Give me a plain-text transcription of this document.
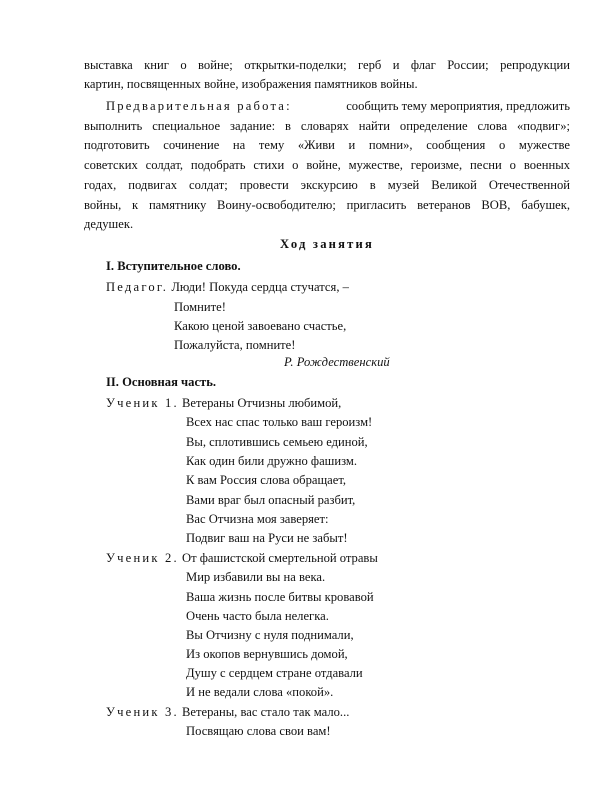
выставка книг о войне; открытки-поделки; герб и флаг России; репродукции
картин, посвященных войне, изображения памятников войны.
Предварительная работа:	сообщить тему мероприятия, предложить
выполнить специальное задание: в словарях найти определение слова «подвиг»;
подготовить сочинение на тему «Живи и помни», сообщения о мужестве
советских солдат, подобрать стихи о войне, мужестве, героизме, песни о военных
годах, подвигах солдат; провести экскурсию в музей Великой Отечественной
войны, к памятнику Воину-освободителю; пригласить ветеранов ВОВ, бабушек,
дедушек.
Ход занятия
I. Вступительное слово.
Педагог. Люди! Покуда сердца стучатся, –
Помните!
Какою ценой завоевано счастье,
Пожалуйста, помните!
Р. Рождественский
II. Основная часть.
Ученик 1. Ветераны Отчизны любимой,
Всех нас спас только ваш героизм!
Вы, сплотившись семьею единой,
Как один били дружно фашизм.
К вам Россия слова обращает,
Вами враг был опасный разбит,
Вас Отчизна моя заверяет:
Подвиг ваш на Руси не забыт!
Ученик 2. От фашистской смертельной отравы
Мир избавили вы на века.
Ваша жизнь после битвы кровавой
Очень часто была нелегка.
Вы Отчизну с нуля поднимали,
Из окопов вернувшись домой,
Душу с сердцем стране отдавали
И не ведали слова «покой».
Ученик 3. Ветераны, вас стало так мало...
Посвящаю слова свои вам!
